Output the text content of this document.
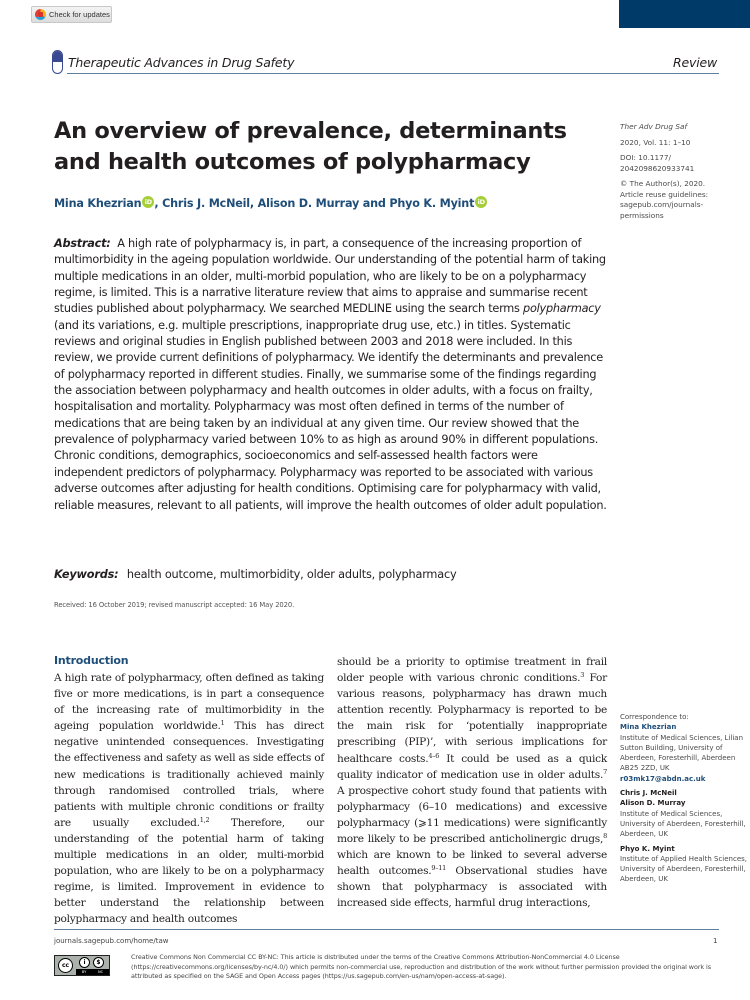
Check for updates
Therapeutic Advances in Drug Safety	Review
An overview of prevalence, determinants and health outcomes of polypharmacy
Mina Khezrian iD , Chris J. McNeil, Alison D. Murray and Phyo K. Myint iD

Ther Adv Drug Saf

2020, Vol. 11: 1–10

DOI: 10.1177/
2042098620933741

© The Author(s), 2020.
Article reuse guidelines:
sagepub.com/journals-
permissions

Abstract: A high rate of polypharmacy is, in part, a consequence of the increasing proportion of multimorbidity in the ageing population worldwide. Our understanding of the potential harm of taking multiple medications in an older, multi-morbid population, who are likely to be on a polypharmacy regime, is limited. This is a narrative literature review that aims to appraise and summarise recent studies published about polypharmacy. We searched MEDLINE using the search terms polypharmacy (and its variations, e.g. multiple prescriptions, inappropriate drug use, etc.) in titles. Systematic reviews and original studies in English published between 2003 and 2018 were included. In this review, we provide current definitions of polypharmacy. We identify the determinants and prevalence of polypharmacy reported in different studies. Finally, we summarise some of the findings regarding the association between polypharmacy and health outcomes in older adults, with a focus on frailty, hospitalisation and mortality. Polypharmacy was most often defined in terms of the number of medications that are being taken by an individual at any given time. Our review showed that the prevalence of polypharmacy varied between 10% to as high as around 90% in different populations. Chronic conditions, demographics, socioeconomics and self-assessed health factors were independent predictors of polypharmacy. Polypharmacy was reported to be associated with various adverse outcomes after adjusting for health conditions. Optimising care for polypharmacy with valid, reliable measures, relevant to all patients, will improve the health outcomes of older adult population.
Keywords: health outcome, multimorbidity, older adults, polypharmacy
Received: 16 October 2019; revised manuscript accepted: 16 May 2020.
Introduction
A high rate of polypharmacy, often defined as taking five or more medications, is in part a consequence of the increasing rate of multimorbidity in the ageing population worldwide.$^1$ This has direct negative unintended consequences. Investigating the effectiveness and safety as well as side effects of new medications is traditionally achieved mainly through randomised controlled trials, where patients with multiple chronic conditions or frailty are usually excluded.$^{1,2}$ Therefore, our understanding of the potential harm of taking multiple medications in an older, multi-morbid population, who are likely to be on a polypharmacy regime, is limited. Improvement in evidence to better understand the relationship between polypharmacy and health outcomes
should be a priority to optimise treatment in frail older people with various chronic conditions.$^3$ For various reasons, polypharmacy has drawn much attention recently. Polypharmacy is reported to be the main risk for ‘potentially inappropriate prescribing (PIP)’, with serious implications for healthcare costs.$^{4-6}$ It could be used as a quick quality indicator of medication use in older adults.$^7$ A prospective cohort study found that patients with polypharmacy (6–10 medications) and excessive polypharmacy (⩾11 medications) were significantly more likely to be prescribed anticholinergic drugs,$^8$ which are known to be linked to several adverse health outcomes.$^{9-11}$ Observational studies have shown that polypharmacy is associated with increased side effects, harmful drug interactions,
Correspondence to:
Mina Khezrian
Institute of Medical Sciences, Lilian Sutton Building, University of Aberdeen, Foresterhill, Aberdeen AB25 2ZD, UK
r03mk17@abdn.ac.uk
Chris J. McNeil
Alison D. Murray
Institute of Medical Sciences, University of Aberdeen, Foresterhill, Aberdeen, UK
Phyo K. Myint
Institute of Applied Health Sciences, University of Aberdeen, Foresterhill, Aberdeen, UK
journals.sagepub.com/home/taw	1
cc	i	$
BY	NC
Creative Commons Non Commercial CC BY-NC: This article is distributed under the terms of the Creative Commons Attribution-NonCommercial 4.0 License (https://creativecommons.org/licenses/by-nc/4.0/) which permits non-commercial use, reproduction and distribution of the work without further permission provided the original work is attributed as specified on the SAGE and Open Access pages (https://us.sagepub.com/en-us/nam/open-access-at-sage).
